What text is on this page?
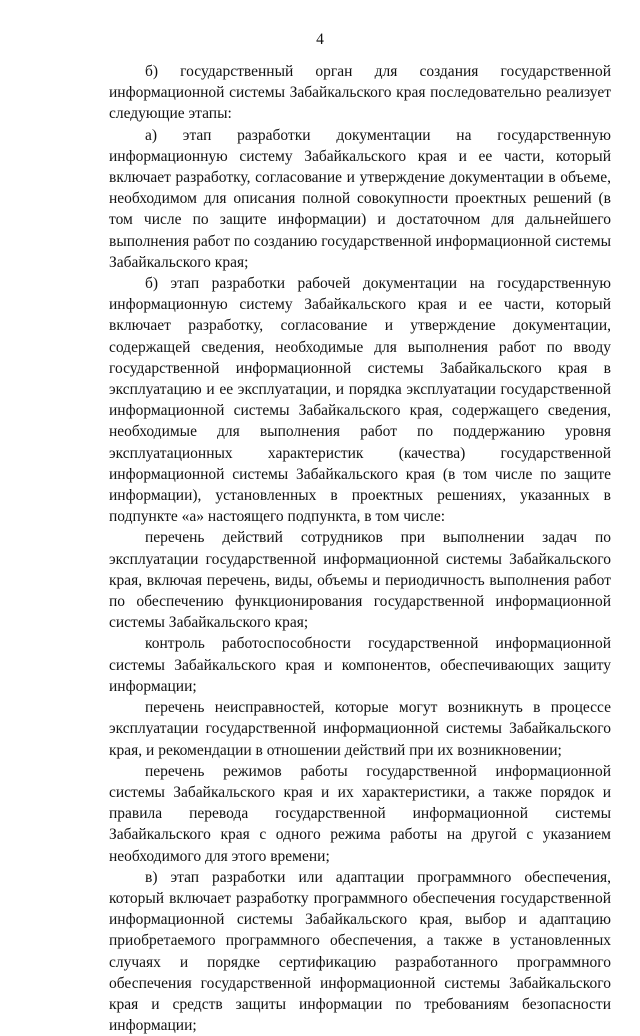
4

б) государственный орган для создания государственной информационной системы Забайкальского края последовательно реализует следующие этапы:

а) этап разработки документации на государственную информационную систему Забайкальского края и ее части, который включает разработку, согласование и утверждение документации в объеме, необходимом для описания полной совокупности проектных решений (в том числе по защите информации) и достаточном для дальнейшего выполнения работ по созданию государственной информационной системы Забайкальского края;

б) этап разработки рабочей документации на государственную информационную систему Забайкальского края и ее части, который включает разработку, согласование и утверждение документации, содержащей сведения, необходимые для выполнения работ по вводу государственной информационной системы Забайкальского края в эксплуатацию и ее эксплуатации, и порядка эксплуатации государственной информационной системы Забайкальского края, содержащего сведения, необходимые для выполнения работ по поддержанию уровня эксплуатационных характеристик (качества) государственной информационной системы Забайкальского края (в том числе по защите информации), установленных в проектных решениях, указанных в подпункте «а» настоящего подпункта, в том числе:

перечень действий сотрудников при выполнении задач по эксплуатации государственной информационной системы Забайкальского края, включая перечень, виды, объемы и периодичность выполнения работ по обеспечению функционирования государственной информационной системы Забайкальского края;

контроль работоспособности государственной информационной системы Забайкальского края и компонентов, обеспечивающих защиту информации;

перечень неисправностей, которые могут возникнуть в процессе эксплуатации государственной информационной системы Забайкальского края, и рекомендации в отношении действий при их возникновении;

перечень режимов работы государственной информационной системы Забайкальского края и их характеристики, а также порядок и правила перевода государственной информационной системы Забайкальского края с одного режима работы на другой с указанием необходимого для этого времени;

в) этап разработки или адаптации программного обеспечения, который включает разработку программного обеспечения государственной информационной системы Забайкальского края, выбор и адаптацию приобретаемого программного обеспечения, а также в установленных случаях и порядке сертификацию разработанного программного обеспечения государственной информационной системы Забайкальского края и средств защиты информации по требованиям безопасности информации;
